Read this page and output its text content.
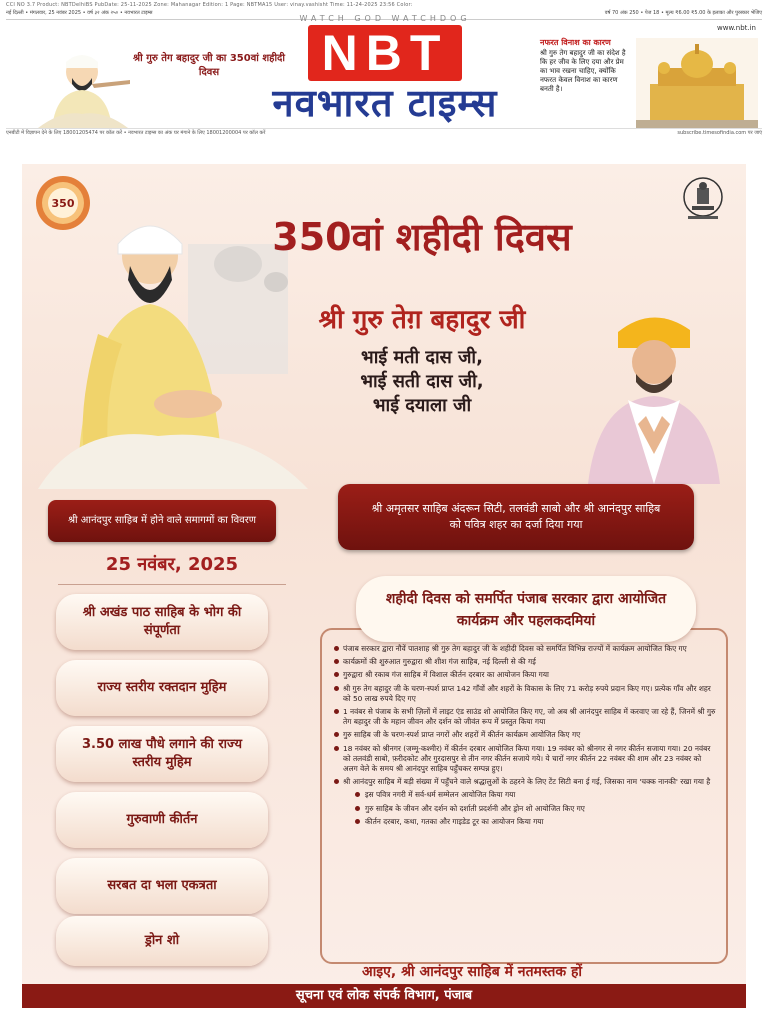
CCI NO 3.7 Product: NBTDelhiBS PubDate: 25-11-2025 Zone: Mahanagar Edition: 1 Page: NBTMA15 User: vinay.vashisht Time: 11-24-2025 23:56 Color:
नई दिल्ली • मंगलवार, 25 नवंबर 2025 • वर्ष ३२ अंक २५० • नवभारत टाइम्स	वर्ष 70 अंक 250 • पेज 18 • मूल्य ₹6.00 ₹5.00 के इलाका और पुरस्कार भेजिए
श्री गुरु तेग बहादुर जी का 350वां शहीदी दिवस
WATCH GOD WATCHDOG
NBT
नवभारत टाइम्स
www.nbt.in
नफरत विनाश का कारण
श्री गुरु तेग बहादुर जी का संदेश है कि हर जीव के लिए दया और प्रेम का भाव रखना चाहिए, क्योंकि नफरत केवल विनाश का कारण बनती है।
एनबीटी में विज्ञापन देने के लिए 18001205474 पर कॉल करें • नवभारत टाइम्स का अंक घर मंगाने के लिए 18001200004 पर कॉल करें	subscribe.timesofindia.com पर जाएं
350
350वां शहीदी दिवस
श्री गुरु तेग़ बहादुर जी
भाई मती दास जी,
भाई सती दास जी,
भाई दयाला जी
श्री आनंदपुर साहिब में होने वाले समागमों का विवरण
श्री अमृतसर साहिब अंदरून सिटी, तलवंडी साबो और श्री आनंदपुर साहिब को पवित्र शहर का दर्जा दिया गया
25 नवंबर, 2025
श्री अखंड पाठ साहिब के भोग की संपूर्णता
राज्य स्तरीय रक्तदान मुहिम
3.50 लाख पौधे लगाने की राज्य स्तरीय मुहिम
गुरुवाणी कीर्तन
सरबत दा भला एकत्रता
ड्रोन शो
पंजाब सरकार द्वारा नौवें पातशाह श्री गुरु तेग बहादुर जी के शहीदी दिवस को समर्पित विभिन्न राज्यों में कार्यक्रम आयोजित किए गए
कार्यक्रमों की शुरुआत गुरुद्वारा श्री शीश गंज साहिब, नई दिल्ली से की गई
गुरुद्वारा श्री रकाब गंज साहिब में विशाल कीर्तन दरबार का आयोजन किया गया
श्री गुरु तेग बहादुर जी के चरण-स्पर्श प्राप्त 142 गाँवों और शहरों के विकास के लिए 71 करोड़ रुपये प्रदान किए गए। प्रत्येक गाँव और शहर को 50 लाख रुपये दिए गए
1 नवंबर से पंजाब के सभी ज़िलों में लाइट एंड साउंड शो आयोजित किए गए, जो अब श्री आनंदपुर साहिब में करवाए जा रहे हैं, जिनमें श्री गुरु तेग बहादुर जी के महान जीवन और दर्शन को जीवंत रूप में प्रस्तुत किया गया
गुरु साहिब जी के चरण-स्पर्श प्राप्त नगरों और शहरों में कीर्तन कार्यक्रम आयोजित किए गए
18 नवंबर को श्रीनगर (जम्मू-कश्मीर) में कीर्तन दरबार आयोजित किया गया। 19 नवंबर को श्रीनगर से नगर कीर्तन सजाया गया। 20 नवंबर को तलवंडी साबो, फ़रीदकोट और गुरदासपुर से तीन नगर कीर्तन सजाये गये। ये चारों नगर कीर्तन 22 नवंबर की शाम और 23 नवंबर को अलग वेले के समय श्री आनंदपुर साहिब पहुँचकर सम्पन्न हुए।
श्री आनंदपुर साहिब में बड़ी संख्या में पहुँचने वाले श्रद्धालुओं के ठहरने के लिए टेंट सिटी बना ई गई, जिसका नाम 'चक्क नानकी' रखा गया है
इस पवित्र नगरी में सर्व-धर्म सम्मेलन आयोजित किया गया
गुरु साहिब के जीवन और दर्शन को दर्शाती प्रदर्शनी और ड्रोन शो आयोजित किए गए
कीर्तन दरबार, कथा, गतका और गाइडेड टूर का आयोजन किया गया
शहीदी दिवस को समर्पित पंजाब सरकार द्वारा आयोजित कार्यक्रम और पहलकदमियां
आइए, श्री आनंदपुर साहिब में नतमस्तक हों
सूचना एवं लोक संपर्क विभाग, पंजाब
